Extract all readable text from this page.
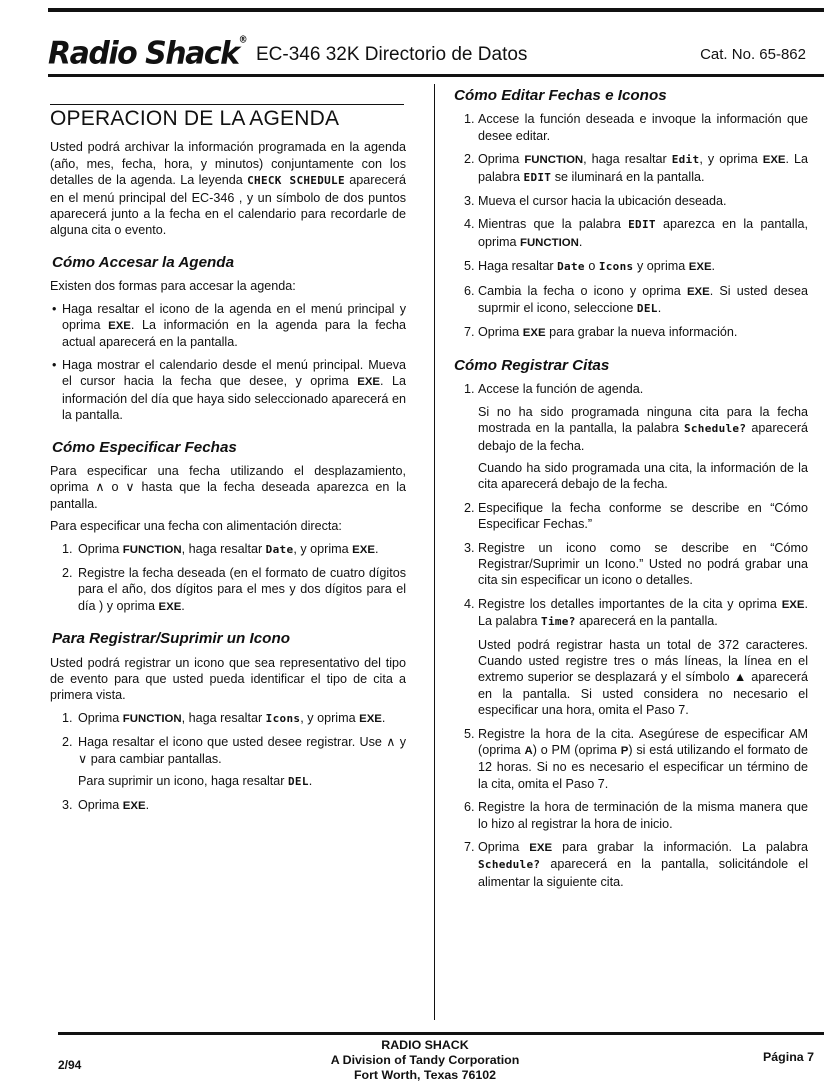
Radio Shack®
EC-346 32K Directorio de Datos	Cat. No. 65-862
OPERACION DE LA AGENDA

Usted podrá archivar la información programada en la agenda (año, mes, fecha, hora, y minutos) conjuntamente con los detalles de la agenda. La leyenda CHECK SCHEDULE aparecerá en el menú principal del EC-346 , y un símbolo de dos puntos aparecerá junto a la fecha en el calendario para recordarle de alguna cita o evento.

Cómo Accesar la Agenda

Existen dos formas para accesar la agenda:

• Haga resaltar el icono de la agenda en el menú principal y oprima EXE. La información en la agenda para la fecha actual aparecerá en la pantalla.
• Haga mostrar el calendario desde el menú principal. Mueva el cursor hacia la fecha que desee, y oprima EXE. La información del día que haya sido seleccionado aparecerá en la pantalla.
Cómo Especificar Fechas

Para especificar una fecha utilizando el desplazamiento, oprima ∧ o ∨ hasta que la fecha deseada aparezca en la pantalla.

Para especificar una fecha con alimentación directa:

1. Oprima FUNCTION, haga resaltar Date, y oprima EXE.
2. Registre la fecha deseada (en el formato de cuatro dígitos para el año, dos dígitos para el mes y dos dígitos para el día ) y oprima EXE.
Para Registrar/Suprimir un Icono

Usted podrá registrar un icono que sea representativo del tipo de evento para que usted pueda identificar el tipo de cita a primera vista.

1. Oprima FUNCTION, haga resaltar Icons, y oprima EXE.
2. Haga resaltar el icono que usted desee registrar. Use ∧ y ∨ para cambiar pantallas.

Para suprimir un icono, haga resaltar DEL.

3. Oprima EXE.
Cómo Editar Fechas e Iconos
1. Accese la función deseada e invoque la información que desee editar.
2. Oprima FUNCTION, haga resaltar Edit, y oprima EXE. La palabra EDIT se iluminará en la pantalla.
3. Mueva el cursor hacia la ubicación deseada.
4. Mientras que la palabra EDIT aparezca en la pantalla, oprima FUNCTION.
5. Haga resaltar Date o Icons y oprima EXE.
6. Cambia la fecha o icono y oprima EXE. Si usted desea suprmir el icono, seleccione DEL.
7. Oprima EXE para grabar la nueva información.
Cómo Registrar Citas
1. Accese la función de agenda.

Si no ha sido programada ninguna cita para la fecha mostrada en la pantalla, la palabra Schedule? aparecerá debajo de la fecha.

Cuando ha sido programada una cita, la información de la cita aparecerá debajo de la fecha.

2. Especifique la fecha conforme se describe en “Cómo Especificar Fechas.”
3. Registre un icono como se describe en “Cómo Registrar/Suprimir un Icono.” Usted no podrá grabar una cita sin especificar un icono o detalles.
4. Registre los detalles importantes de la cita y oprima EXE. La palabra Time? aparecerá en la pantalla.

Usted podrá registrar hasta un total de 372 caracteres. Cuando usted registre tres o más líneas, la línea en el extremo superior se desplazará y el símbolo ▲ aparecerá en la pantalla. Si usted considera no necesario el especificar una hora, omita el Paso 7.

5. Registre la hora de la cita. Asegúrese de especificar AM (oprima A) o PM (oprima P) si está utilizando el formato de 12 horas. Si no es necesario el especificar un término de la cita, omita el Paso 7.
6. Registre la hora de terminación de la misma manera que lo hizo al registrar la hora de inicio.
7. Oprima EXE para grabar la información. La palabra Schedule? aparecerá en la pantalla, solicitándole el alimentar la siguiente cita.
2/94
RADIO SHACK
A Division of Tandy Corporation
Fort Worth, Texas 76102
Página 7
